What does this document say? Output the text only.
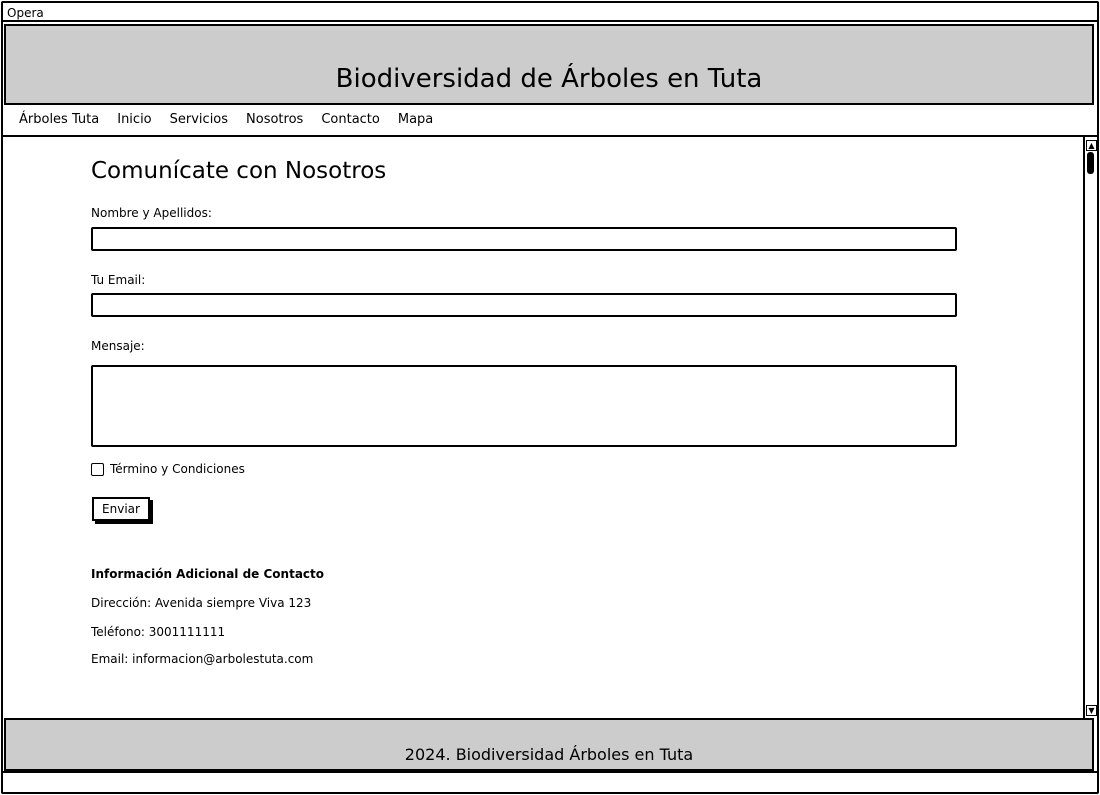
Opera
Biodiversidad de Árboles en Tuta
Árboles Tuta Inicio Servicios Nosotros Contacto Mapa
Comunícate con Nosotros
Nombre y Apellidos:
Tu Email:
Mensaje:
Término y Condiciones
Enviar
Información Adicional de Contacto
Dirección: Avenida siempre Viva 123
Teléfono: 3001111111
Email: informacion@arbolestuta.com
▲
▼
2024. Biodiversidad Árboles en Tuta
